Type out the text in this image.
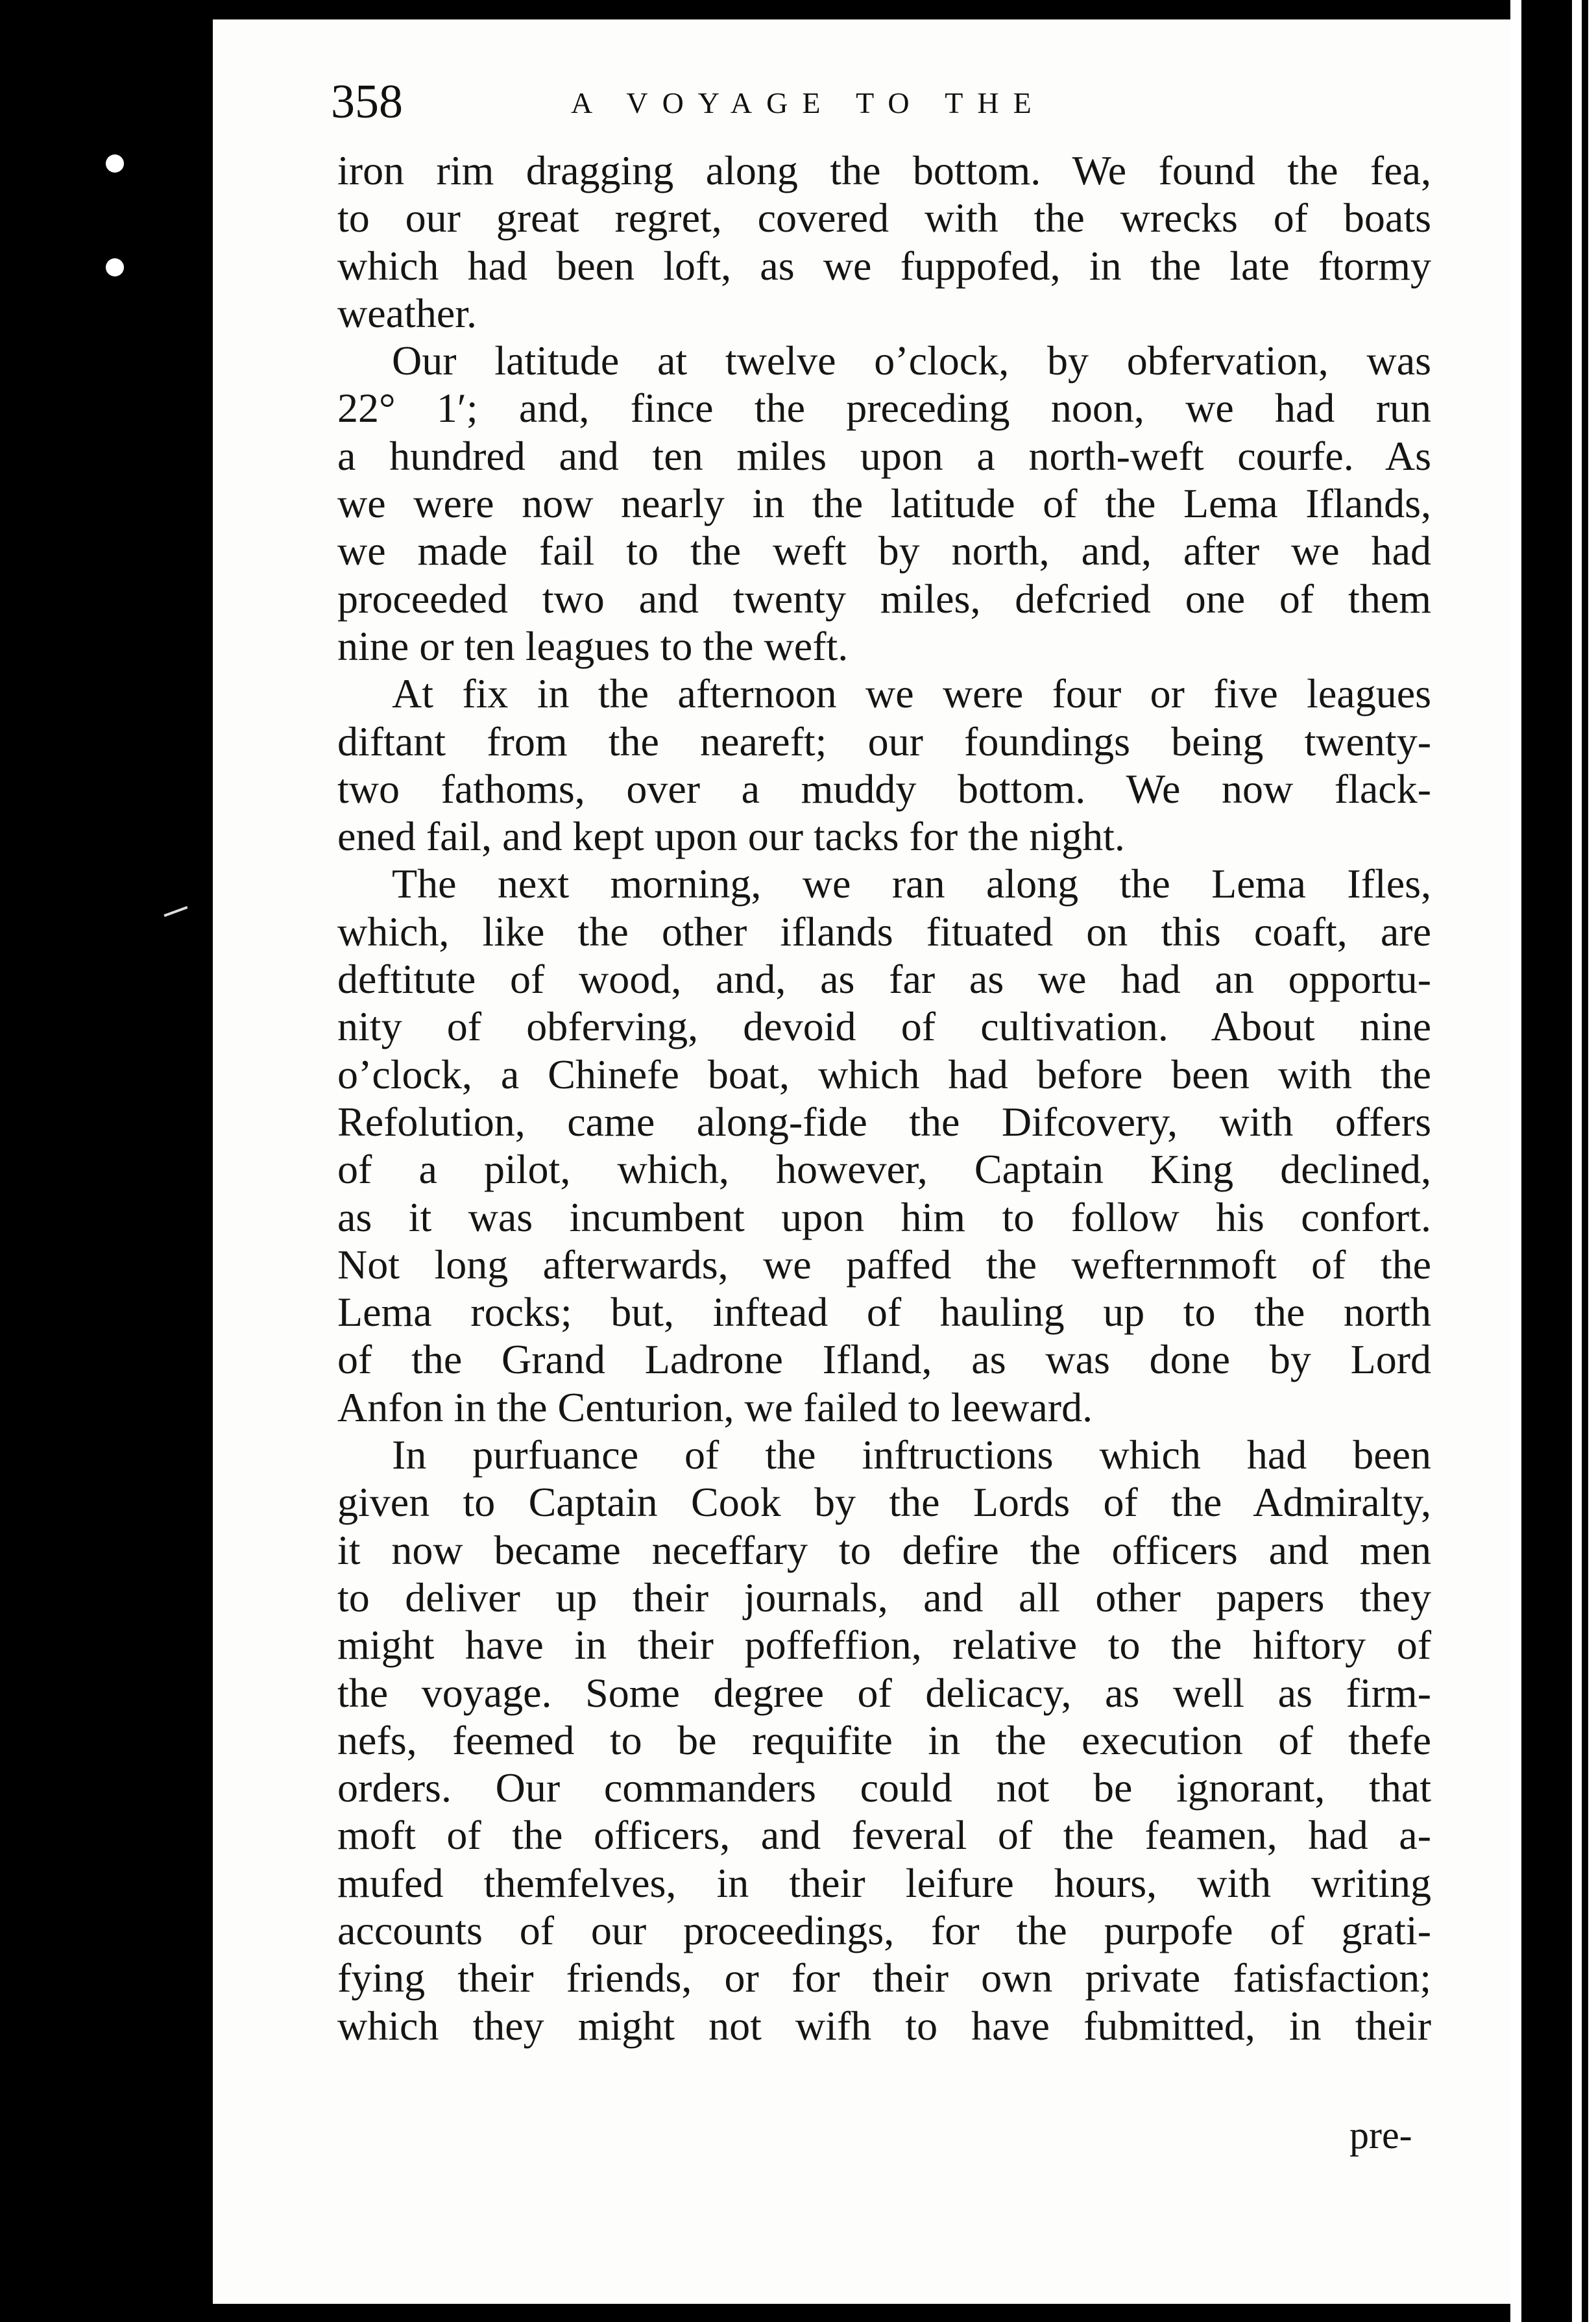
358	A VOYAGE TO THE
iron rim dragging along the bottom. We found the fea,
to our great regret, covered with the wrecks of boats
which had been loft, as we fuppofed, in the late ftormy
weather.
Our latitude at twelve o’clock, by obfervation, was
22° 1′; and, fince the preceding noon, we had run
a hundred and ten miles upon a north-weft courfe. As
we were now nearly in the latitude of the Lema Iflands,
we made fail to the weft by north, and, after we had
proceeded two and twenty miles, defcried one of them
nine or ten leagues to the weft.
At fix in the afternoon we were four or five leagues
diftant from the neareft; our foundings being twenty-
two fathoms, over a muddy bottom. We now flack-
ened fail, and kept upon our tacks for the night.
The next morning, we ran along the Lema Ifles,
which, like the other iflands fituated on this coaft, are
deftitute of wood, and, as far as we had an opportu-
nity of obferving, devoid of cultivation. About nine
o’clock, a Chinefe boat, which had before been with the
Refolution, came along-fide the Difcovery, with offers
of a pilot, which, however, Captain King declined,
as it was incumbent upon him to follow his confort.
Not long afterwards, we paffed the wefternmoft of the
Lema rocks; but, inftead of hauling up to the north
of the Grand Ladrone Ifland, as was done by Lord
Anfon in the Centurion, we failed to leeward.
In purfuance of the inftructions which had been
given to Captain Cook by the Lords of the Admiralty,
it now became neceffary to defire the officers and men
to deliver up their journals, and all other papers they
might have in their poffeffion, relative to the hiftory of
the voyage. Some degree of delicacy, as well as firm-
nefs, feemed to be requifite in the execution of thefe
orders. Our commanders could not be ignorant, that
moft of the officers, and feveral of the feamen, had a-
mufed themfelves, in their leifure hours, with writing
accounts of our proceedings, for the purpofe of grati-
fying their friends, or for their own private fatisfaction;
which they might not wifh to have fubmitted, in their
pre-
